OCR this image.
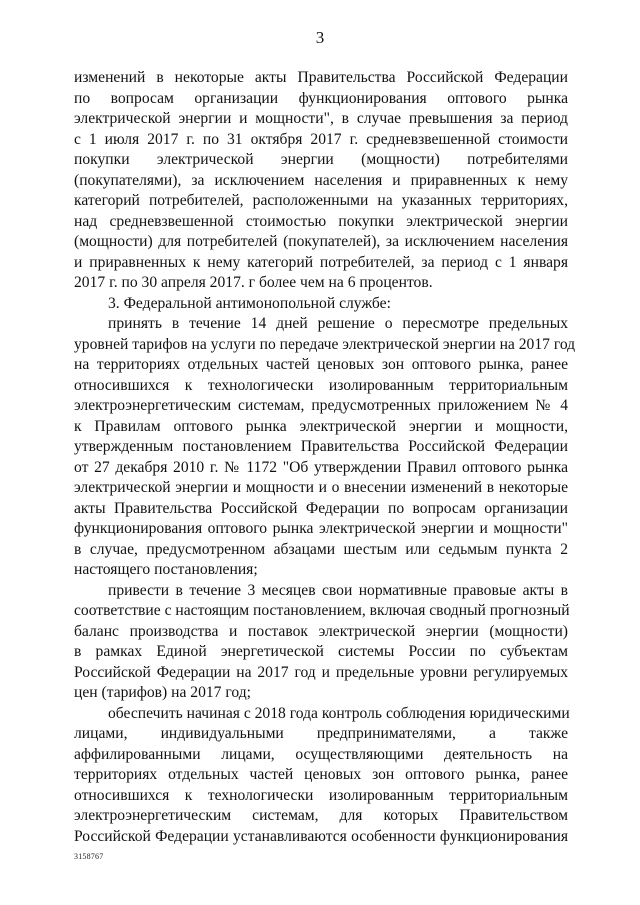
3
изменений в некоторые акты Правительства Российской Федерации
по вопросам организации функционирования оптового рынка
электрической энергии и мощности", в случае превышения за период
с 1 июля 2017 г. по 31 октября 2017 г. средневзвешенной стоимости
покупки электрической энергии (мощности) потребителями
(покупателями), за исключением населения и приравненных к нему
категорий потребителей, расположенными на указанных территориях,
над средневзвешенной стоимостью покупки электрической энергии
(мощности) для потребителей (покупателей), за исключением населения
и приравненных к нему категорий потребителей, за период с 1 января
2017 г. по 30 апреля 2017. г более чем на 6 процентов.
3. Федеральной антимонопольной службе:
принять в течение 14 дней решение о пересмотре предельных
уровней тарифов на услуги по передаче электрической энергии на 2017 год
на территориях отдельных частей ценовых зон оптового рынка, ранее
относившихся к технологически изолированным территориальным
электроэнергетическим системам, предусмотренных приложением № 4
к Правилам оптового рынка электрической энергии и мощности,
утвержденным постановлением Правительства Российской Федерации
от 27 декабря 2010 г. № 1172 "Об утверждении Правил оптового рынка
электрической энергии и мощности и о внесении изменений в некоторые
акты Правительства Российской Федерации по вопросам организации
функционирования оптового рынка электрической энергии и мощности"
в случае, предусмотренном абзацами шестым или седьмым пункта 2
настоящего постановления;
привести в течение 3 месяцев свои нормативные правовые акты в
соответствие с настоящим постановлением, включая сводный прогнозный
баланс производства и поставок электрической энергии (мощности)
в рамках Единой энергетической системы России по субъектам
Российской Федерации на 2017 год и предельные уровни регулируемых
цен (тарифов) на 2017 год;
обеспечить начиная с 2018 года контроль соблюдения юридическими
лицами, индивидуальными предпринимателями, а также
аффилированными лицами, осуществляющими деятельность на
территориях отдельных частей ценовых зон оптового рынка, ранее
относившихся к технологически изолированным территориальным
электроэнергетическим системам, для которых Правительством
Российской Федерации устанавливаются особенности функционирования
3158767
